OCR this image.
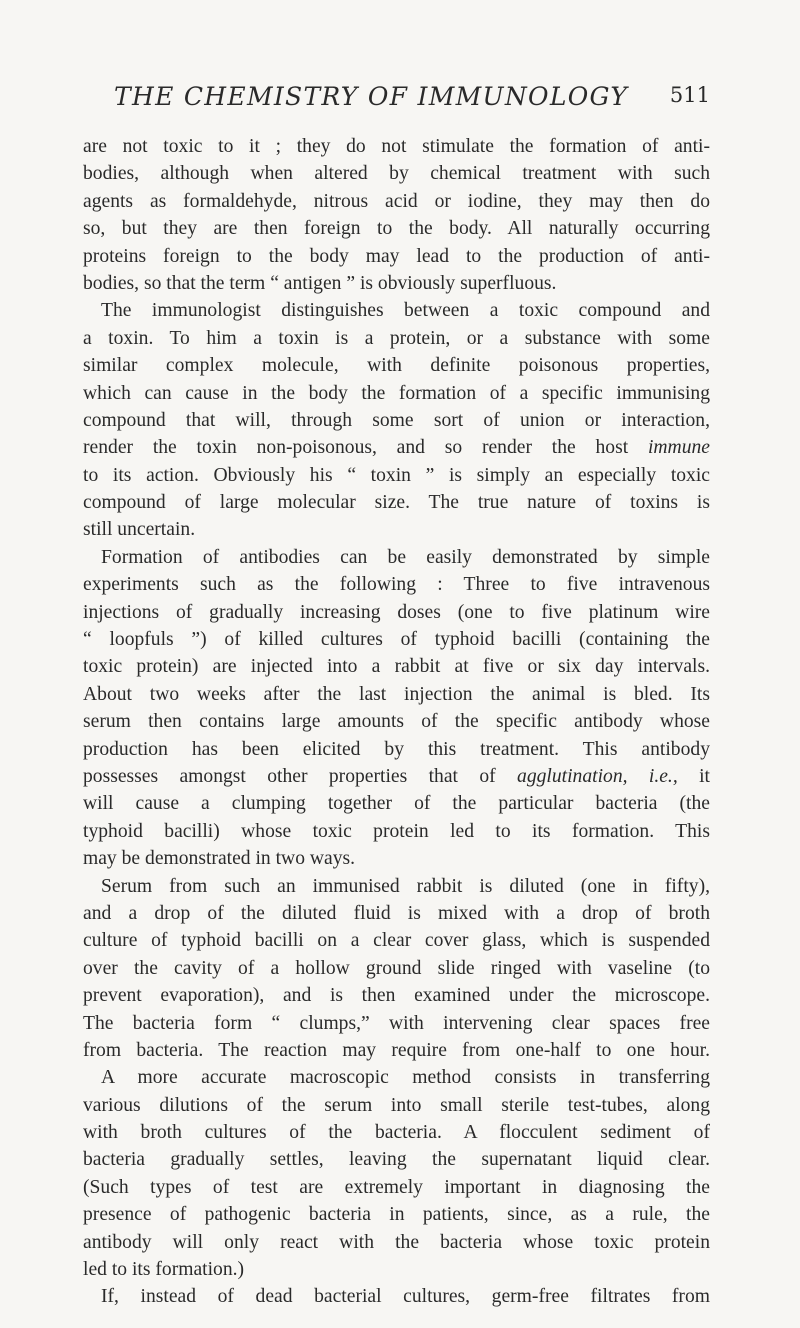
THE CHEMISTRY OF IMMUNOLOGY 511
are not toxic to it ; they do not stimulate the formation of anti-
bodies, although when altered by chemical treatment with such
agents as formaldehyde, nitrous acid or iodine, they may then do
so, but they are then foreign to the body. All naturally occurring
proteins foreign to the body may lead to the production of anti-
bodies, so that the term “ antigen ” is obviously superfluous.
The immunologist distinguishes between a toxic compound and
a toxin. To him a toxin is a protein, or a substance with some
similar complex molecule, with definite poisonous properties,
which can cause in the body the formation of a specific immunising
compound that will, through some sort of union or interaction,
render the toxin non-poisonous, and so render the host immune
to its action. Obviously his “ toxin ” is simply an especially toxic
compound of large molecular size. The true nature of toxins is
still uncertain.
Formation of antibodies can be easily demonstrated by simple
experiments such as the following : Three to five intravenous
injections of gradually increasing doses (one to five platinum wire
“ loopfuls ”) of killed cultures of typhoid bacilli (containing the
toxic protein) are injected into a rabbit at five or six day intervals.
About two weeks after the last injection the animal is bled. Its
serum then contains large amounts of the specific antibody whose
production has been elicited by this treatment. This antibody
possesses amongst other properties that of agglutination, i.e., it
will cause a clumping together of the particular bacteria (the
typhoid bacilli) whose toxic protein led to its formation. This
may be demonstrated in two ways.
Serum from such an immunised rabbit is diluted (one in fifty),
and a drop of the diluted fluid is mixed with a drop of broth
culture of typhoid bacilli on a clear cover glass, which is suspended
over the cavity of a hollow ground slide ringed with vaseline (to
prevent evaporation), and is then examined under the microscope.
The bacteria form “ clumps,” with intervening clear spaces free
from bacteria. The reaction may require from one-half to one hour.
A more accurate macroscopic method consists in transferring
various dilutions of the serum into small sterile test-tubes, along
with broth cultures of the bacteria. A flocculent sediment of
bacteria gradually settles, leaving the supernatant liquid clear.
(Such types of test are extremely important in diagnosing the
presence of pathogenic bacteria in patients, since, as a rule, the
antibody will only react with the bacteria whose toxic protein
led to its formation.)
If, instead of dead bacterial cultures, germ-free filtrates from
